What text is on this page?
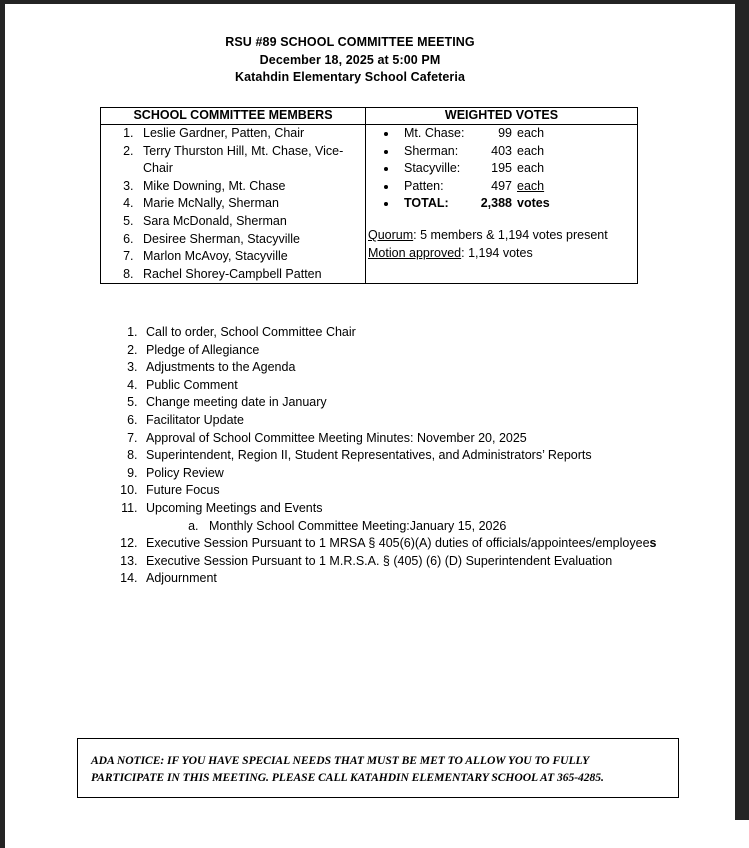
RSU #89 SCHOOL COMMITTEE MEETING
December 18, 2025 at 5:00 PM
Katahdin Elementary School Cafeteria
SCHOOL COMMITTEE MEMBERS	WEIGHTED VOTES

1. Leslie Gardner, Patten, Chair
2. Terry Thurston Hill, Mt. Chase, Vice-Chair
3. Mike Downing, Mt. Chase
4. Marie McNally, Sherman
5. Sara McDonald, Sherman
6. Desiree Sherman, Stacyville
7. Marlon McAvoy, Stacyville
8. Rachel Shorey-Campbell Patten

• Mt. Chase:	99 each
• Sherman:	403 each
• Stacyville: 195 each
• Patten:	497 each
• TOTAL:	2,388 votes
Quorum: 5 members & 1,194 votes present
Motion approved: 1,194 votes
1. Call to order, School Committee Chair
2. Pledge of Allegiance
3. Adjustments to the Agenda
4. Public Comment
5. Change meeting date in January
6. Facilitator Update
7. Approval of School Committee Meeting Minutes: November 20, 2025
8. Superintendent, Region II, Student Representatives, and Administrators’ Reports
9. Policy Review
10. Future Focus
11. Upcoming Meetings and Events
a. Monthly School Committee Meeting:January 15, 2026
12. Executive Session Pursuant to 1 MRSA § 405(6)(A) duties of officials/appointees/employees
13. Executive Session Pursuant to 1 M.R.S.A. § (405) (6) (D) Superintendent Evaluation
14. Adjournment
ADA NOTICE: IF YOU HAVE SPECIAL NEEDS THAT MUST BE MET TO ALLOW YOU TO FULLY
PARTICIPATE IN THIS MEETING. PLEASE CALL KATAHDIN ELEMENTARY SCHOOL AT 365-4285.
